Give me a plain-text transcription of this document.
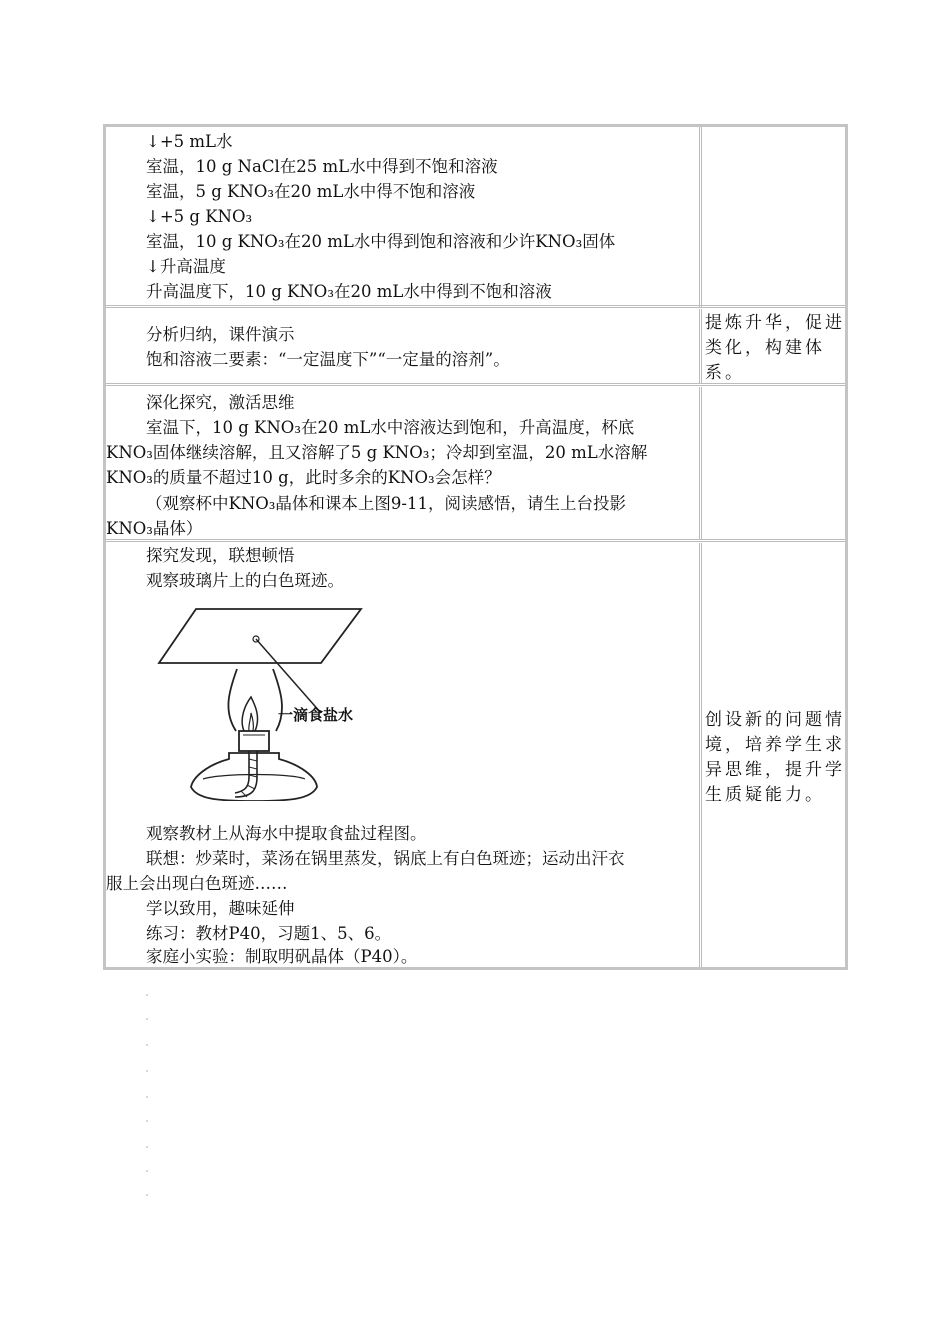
↓+5 mL水
室温，10 g NaCl在25 mL水中得到不饱和溶液
室温，5 g KNO₃在20 mL水中得不饱和溶液
↓+5 g KNO₃
室温，10 g KNO₃在20 mL水中得到饱和溶液和少许KNO₃固体
↓升高温度
升高温度下，10 g KNO₃在20 mL水中得到不饱和溶液
分析归纳，课件演示
饱和溶液二要素：“一定温度下”“一定量的溶剂”。
提炼升华，促进
类化，构建体
系。
深化探究，激活思维
室温下，10 g KNO₃在20 mL水中溶液达到饱和，升高温度，杯底
KNO₃固体继续溶解，且又溶解了5 g KNO₃；冷却到室温，20 mL水溶解
KNO₃的质量不超过10 g，此时多余的KNO₃会怎样？
（观察杯中KNO₃晶体和课本上图9-11，阅读感悟，请生上台投影
KNO₃晶体）
探究发现，联想顿悟
观察玻璃片上的白色斑迹。
一滴食盐水
观察教材上从海水中提取食盐过程图。
联想：炒菜时，菜汤在锅里蒸发，锅底上有白色斑迹；运动出汗衣
服上会出现白色斑迹……
学以致用，趣味延伸
练习：教材P40，习题1、5、6。
家庭小实验：制取明矾晶体（P40）。
创设新的问题情
境，培养学生求
异思维，提升学
生质疑能力。
